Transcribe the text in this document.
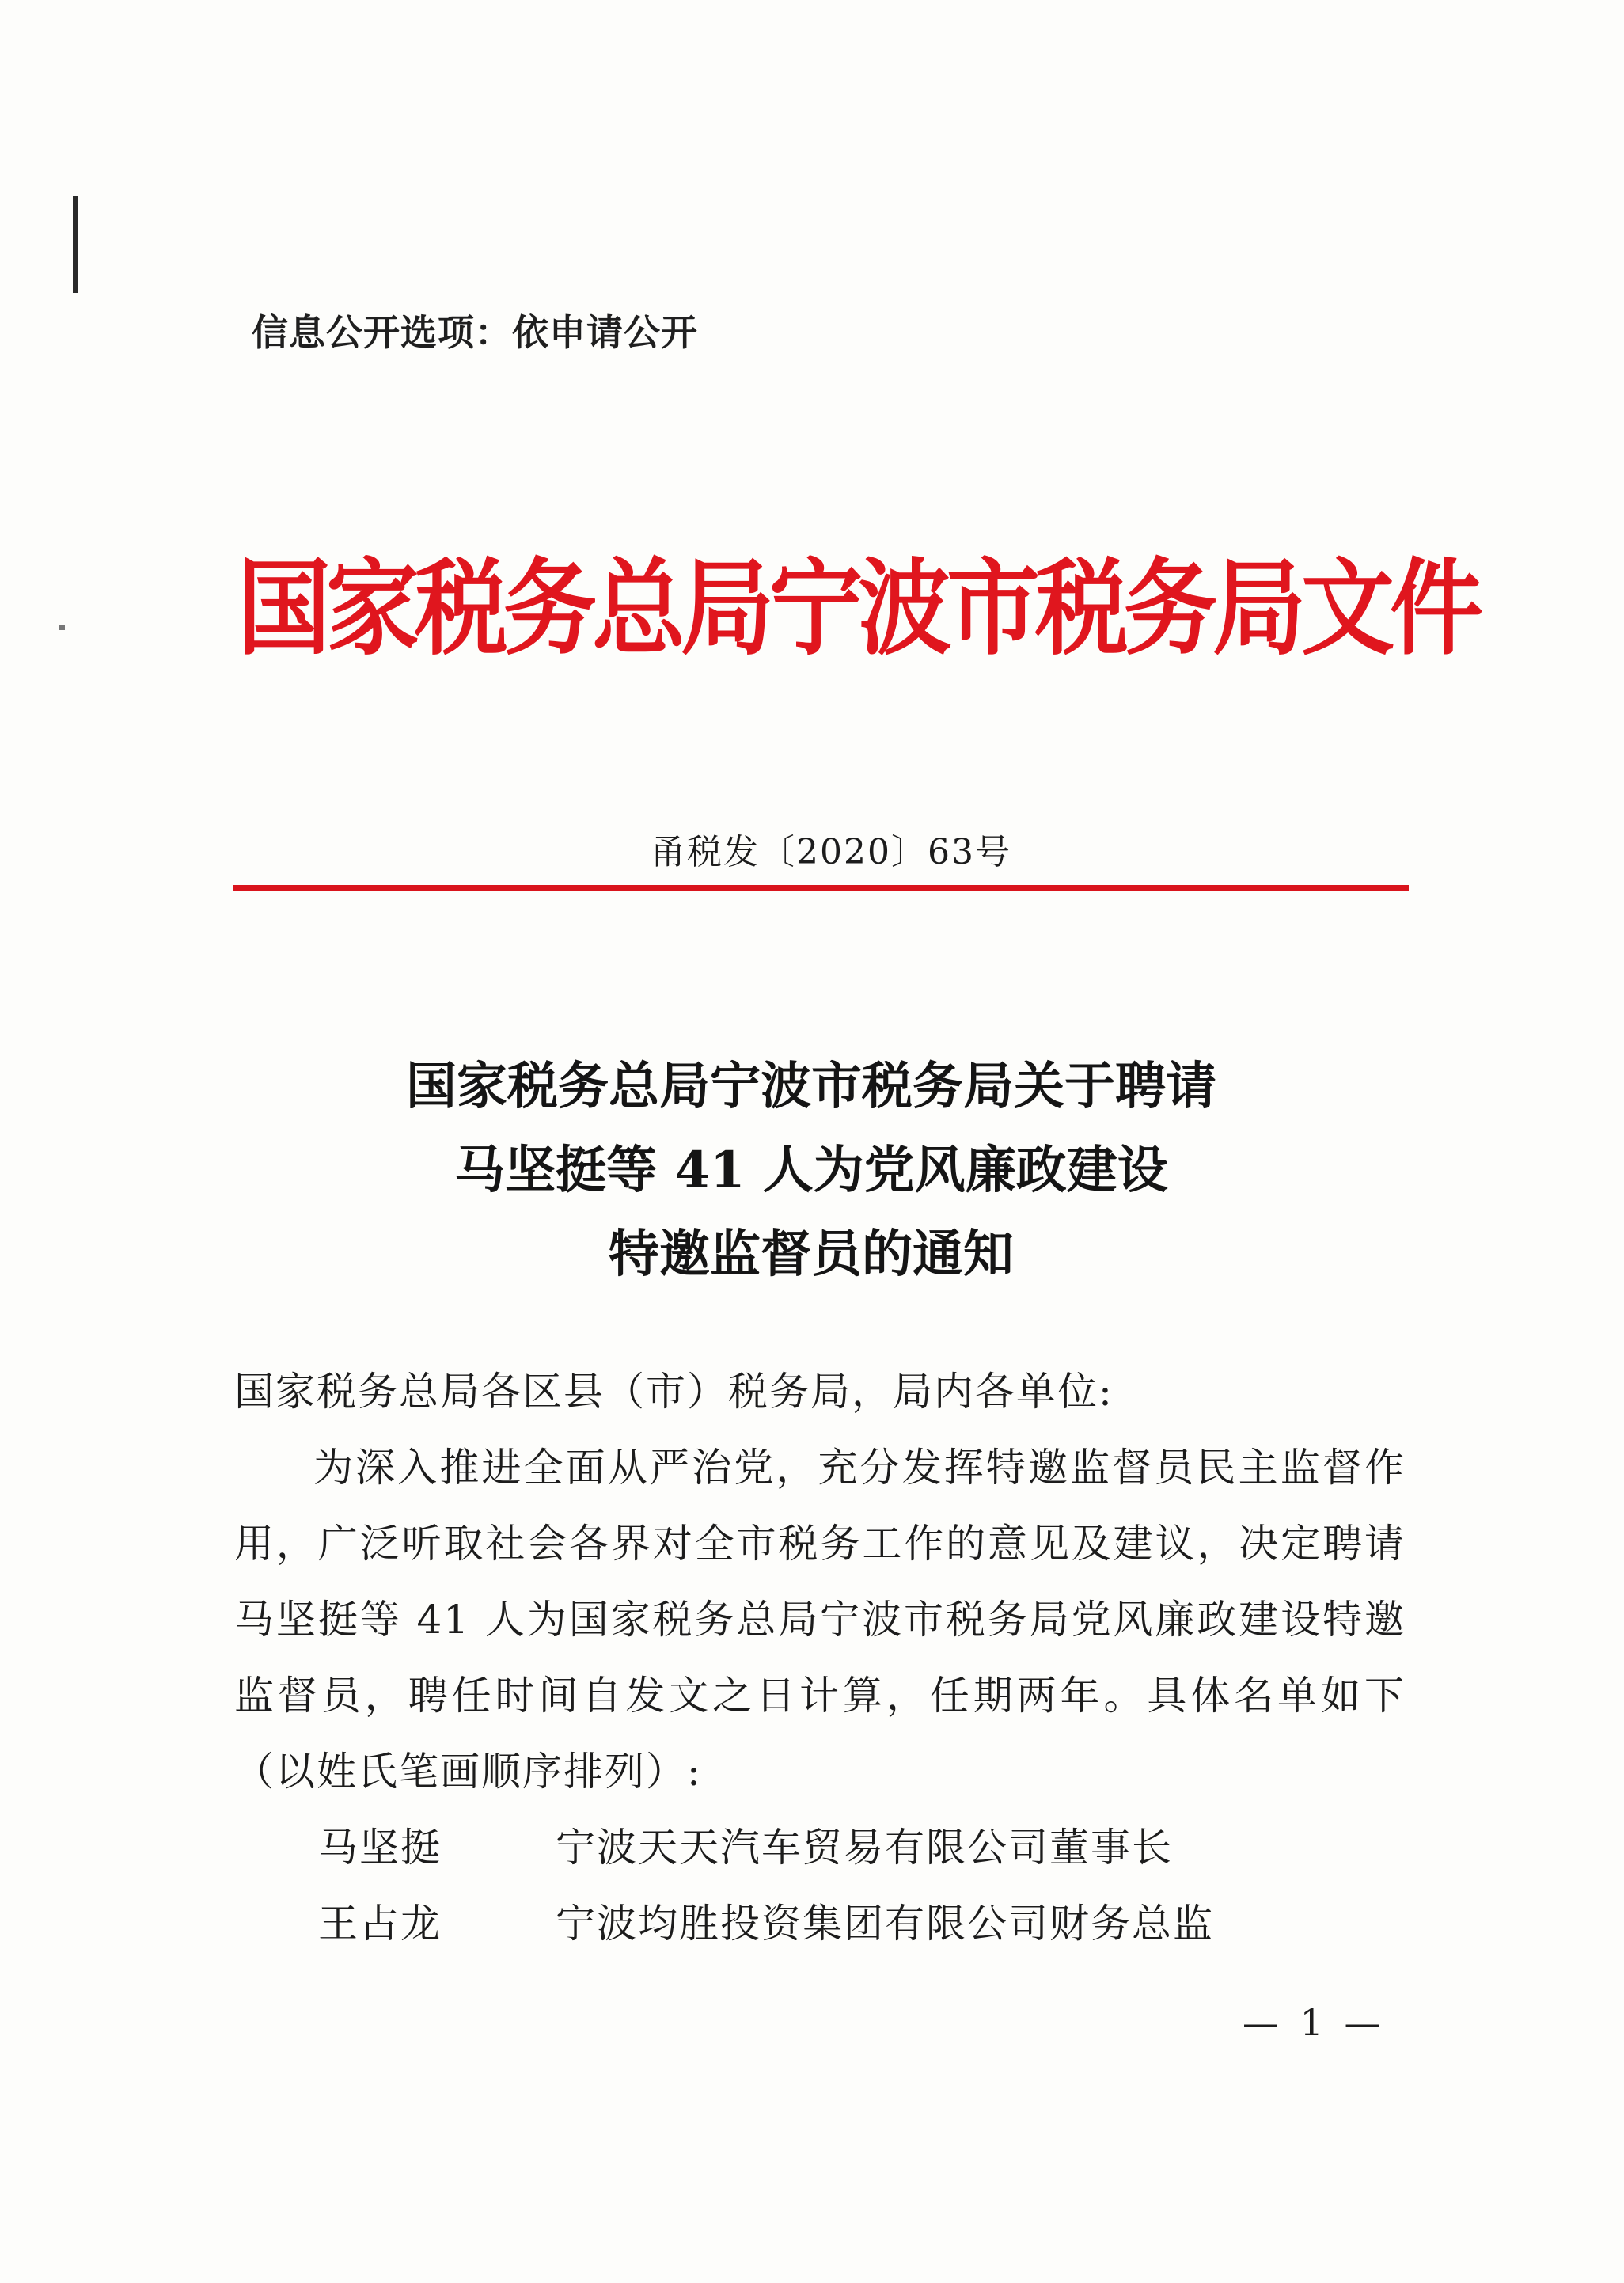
信息公开选项：依申请公开
国家税务总局宁波市税务局文件
甬税发〔2020〕63号
国家税务总局宁波市税务局关于聘请
马坚挺等 41 人为党风廉政建设
特邀监督员的通知
国家税务总局各区县（市）税务局，局内各单位:
为深入推进全面从严治党，充分发挥特邀监督员民主监督作用，广泛听取社会各界对全市税务工作的意见及建议，决定聘请马坚挺等 41 人为国家税务总局宁波市税务局党风廉政建设特邀监督员，聘任时间自发文之日计算，任期两年。具体名单如下（以姓氏笔画顺序排列）:
马坚挺	宁波天天汽车贸易有限公司董事长
王占龙	宁波均胜投资集团有限公司财务总监
— 1 —
